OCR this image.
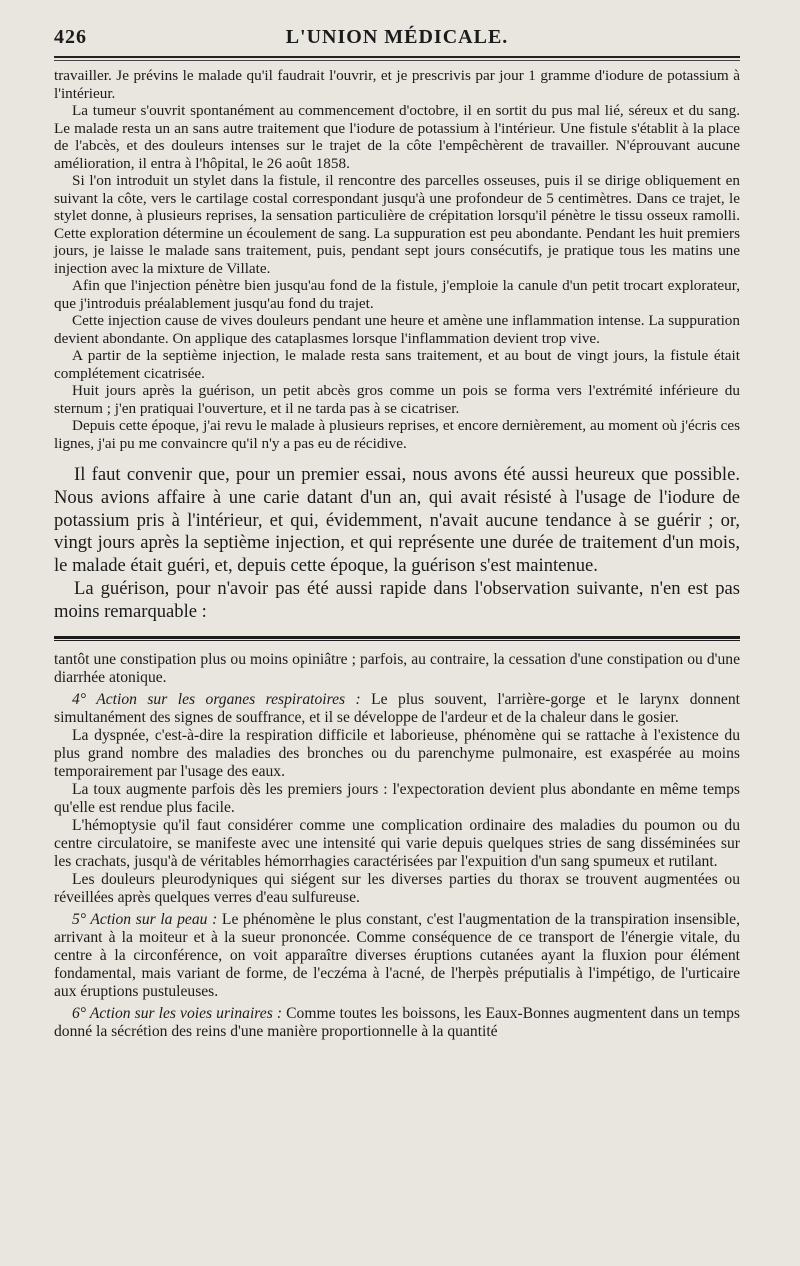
426	L'UNION MÉDICALE.

travailler. Je prévins le malade qu'il faudrait l'ouvrir, et je prescrivis par jour 1 gramme d'iodure de potassium à l'intérieur.

La tumeur s'ouvrit spontanément au commencement d'octobre, il en sortit du pus mal lié, séreux et du sang. Le malade resta un an sans autre traitement que l'iodure de potassium à l'intérieur. Une fistule s'établit à la place de l'abcès, et des douleurs intenses sur le trajet de la côte l'empêchèrent de travailler. N'éprouvant aucune amélioration, il entra à l'hôpital, le 26 août 1858.

Si l'on introduit un stylet dans la fistule, il rencontre des parcelles osseuses, puis il se dirige obliquement en suivant la côte, vers le cartilage costal correspondant jusqu'à une profondeur de 5 centimètres. Dans ce trajet, le stylet donne, à plusieurs reprises, la sensation particulière de crépitation lorsqu'il pénètre le tissu osseux ramolli. Cette exploration détermine un écoulement de sang. La suppuration est peu abondante. Pendant les huit premiers jours, je laisse le malade sans traitement, puis, pendant sept jours consécutifs, je pratique tous les matins une injection avec la mixture de Villate.

Afin que l'injection pénètre bien jusqu'au fond de la fistule, j'emploie la canule d'un petit trocart explorateur, que j'introduis préalablement jusqu'au fond du trajet.

Cette injection cause de vives douleurs pendant une heure et amène une inflammation intense. La suppuration devient abondante. On applique des cataplasmes lorsque l'inflammation devient trop vive.

A partir de la septième injection, le malade resta sans traitement, et au bout de vingt jours, la fistule était complétement cicatrisée.

Huit jours après la guérison, un petit abcès gros comme un pois se forma vers l'extrémité inférieure du sternum ; j'en pratiquai l'ouverture, et il ne tarda pas à se cicatriser.

Depuis cette époque, j'ai revu le malade à plusieurs reprises, et encore dernièrement, au moment où j'écris ces lignes, j'ai pu me convaincre qu'il n'y a pas eu de récidive.

Il faut convenir que, pour un premier essai, nous avons été aussi heureux que possible. Nous avions affaire à une carie datant d'un an, qui avait résisté à l'usage de l'iodure de potassium pris à l'intérieur, et qui, évidemment, n'avait aucune tendance à se guérir ; or, vingt jours après la septième injection, et qui représente une durée de traitement d'un mois, le malade était guéri, et, depuis cette époque, la guérison s'est maintenue.

La guérison, pour n'avoir pas été aussi rapide dans l'observation suivante, n'en est pas moins remarquable :

tantôt une constipation plus ou moins opiniâtre ; parfois, au contraire, la cessation d'une constipation ou d'une diarrhée atonique.

4° Action sur les organes respiratoires : Le plus souvent, l'arrière-gorge et le larynx donnent simultanément des signes de souffrance, et il se développe de l'ardeur et de la chaleur dans le gosier.

La dyspnée, c'est-à-dire la respiration difficile et laborieuse, phénomène qui se rattache à l'existence du plus grand nombre des maladies des bronches ou du parenchyme pulmonaire, est exaspérée au moins temporairement par l'usage des eaux.

La toux augmente parfois dès les premiers jours : l'expectoration devient plus abondante en même temps qu'elle est rendue plus facile.

L'hémoptysie qu'il faut considérer comme une complication ordinaire des maladies du poumon ou du centre circulatoire, se manifeste avec une intensité qui varie depuis quelques stries de sang disséminées sur les crachats, jusqu'à de véritables hémorrhagies caractérisées par l'expuition d'un sang spumeux et rutilant.

Les douleurs pleurodyniques qui siégent sur les diverses parties du thorax se trouvent augmentées ou réveillées après quelques verres d'eau sulfureuse.

5° Action sur la peau : Le phénomène le plus constant, c'est l'augmentation de la transpiration insensible, arrivant à la moiteur et à la sueur prononcée. Comme conséquence de ce transport de l'énergie vitale, du centre à la circonférence, on voit apparaître diverses éruptions cutanées ayant la fluxion pour élément fondamental, mais variant de forme, de l'eczéma à l'acné, de l'herpès préputialis à l'impétigo, de l'urticaire aux éruptions pustuleuses.

6° Action sur les voies urinaires : Comme toutes les boissons, les Eaux-Bonnes augmentent dans un temps donné la sécrétion des reins d'une manière proportionnelle à la quantité
